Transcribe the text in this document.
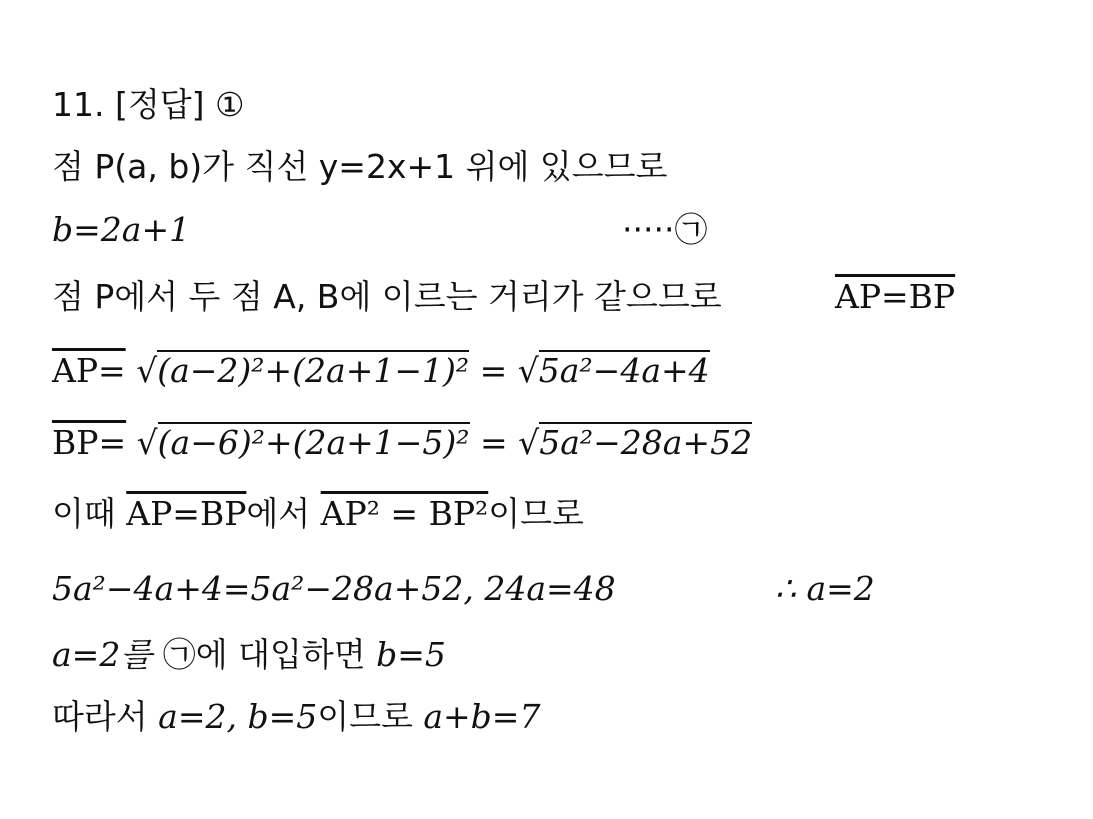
11. [정답] ①
점 P(a, b)가 직선 y=2x+1 위에 있으므로
b=2a+1	·····㉠
점 P에서 두 점 A, B에 이르는 거리가 같으므로	AP=BP
AP= √(a−2)²+(2a+1−1)² = √5a²−4a+4
BP= √(a−6)²+(2a+1−5)² = √5a²−28a+52
이때 AP=BP에서 AP² = BP²이므로
5a²−4a+4=5a²−28a+52, 24a=48	∴ a=2
a=2를 ㉠에 대입하면 b=5
따라서 a=2, b=5이므로 a+b=7
